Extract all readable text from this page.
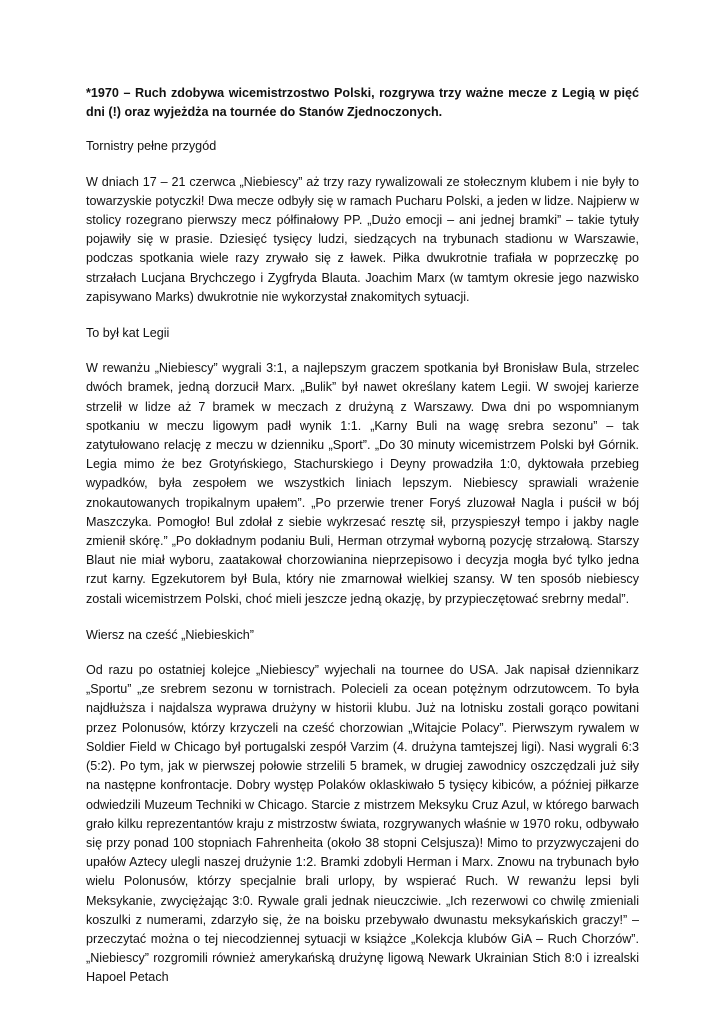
*1970 – Ruch zdobywa wicemistrzostwo Polski, rozgrywa trzy ważne mecze z Legią w pięć dni (!) oraz wyjeżdża na tournée do Stanów Zjednoczonych.

Tornistry pełne przygód

W dniach 17 – 21 czerwca „Niebiescy” aż trzy razy rywalizowali ze stołecznym klubem i nie były to towarzyskie potyczki! Dwa mecze odbyły się w ramach Pucharu Polski, a jeden w lidze. Najpierw w stolicy rozegrano pierwszy mecz półfinałowy PP. „Dużo emocji – ani jednej bramki” – takie tytuły pojawiły się w prasie. Dziesięć tysięcy ludzi, siedzących na trybunach stadionu w Warszawie, podczas spotkania wiele razy zrywało się z ławek. Piłka dwukrotnie trafiała w poprzeczkę po strzałach Lucjana Brychczego i Zygfryda Blauta. Joachim Marx (w tamtym okresie jego nazwisko zapisywano Marks) dwukrotnie nie wykorzystał znakomitych sytuacji.

To był kat Legii

W rewanżu „Niebiescy” wygrali 3:1, a najlepszym graczem spotkania był Bronisław Bula, strzelec dwóch bramek, jedną dorzucił Marx. „Bulik” był nawet określany katem Legii. W swojej karierze strzelił w lidze aż 7 bramek w meczach z drużyną z Warszawy. Dwa dni po wspomnianym spotkaniu w meczu ligowym padł wynik 1:1. „Karny Buli na wagę srebra sezonu” – tak zatytułowano relację z meczu w dzienniku „Sport”. „Do 30 minuty wicemistrzem Polski był Górnik. Legia mimo że bez Grotyńskiego, Stachurskiego i Deyny prowadziła 1:0, dyktowała przebieg wypadków, była zespołem we wszystkich liniach lepszym. Niebiescy sprawiali wrażenie znokautowanych tropikalnym upałem”. „Po przerwie trener Foryś zluzował Nagla i puścił w bój Maszczyka. Pomogło! Bul zdołał z siebie wykrzesać resztę sił, przyspieszył tempo i jakby nagle zmienił skórę.” „Po dokładnym podaniu Buli, Herman otrzymał wyborną pozycję strzałową. Starszy Blaut nie miał wyboru, zaatakował chorzowianina nieprzepisowo i decyzja mogła być tylko jedna rzut karny. Egzekutorem był Bula, który nie zmarnował wielkiej szansy. W ten sposób niebiescy zostali wicemistrzem Polski, choć mieli jeszcze jedną okazję, by przypieczętować srebrny medal”.

Wiersz na cześć „Niebieskich”

Od razu po ostatniej kolejce „Niebiescy” wyjechali na tournee do USA. Jak napisał dziennikarz „Sportu” „ze srebrem sezonu w tornistrach. Polecieli za ocean potężnym odrzutowcem. To była najdłuższa i najdalsza wyprawa drużyny w historii klubu. Już na lotnisku zostali gorąco powitani przez Polonusów, którzy krzyczeli na cześć chorzowian „Witajcie Polacy”. Pierwszym rywalem w Soldier Field w Chicago był portugalski zespół Varzim (4. drużyna tamtejszej ligi). Nasi wygrali 6:3 (5:2). Po tym, jak w pierwszej połowie strzelili 5 bramek, w drugiej zawodnicy oszczędzali już siły na następne konfrontacje. Dobry występ Polaków oklaskiwało 5 tysięcy kibiców, a później piłkarze odwiedzili Muzeum Techniki w Chicago. Starcie z mistrzem Meksyku Cruz Azul, w którego barwach grało kilku reprezentantów kraju z mistrzostw świata, rozgrywanych właśnie w 1970 roku, odbywało się przy ponad 100 stopniach Fahrenheita (około 38 stopni Celsjusza)! Mimo to przyzwyczajeni do upałów Aztecy ulegli naszej drużynie 1:2. Bramki zdobyli Herman i Marx. Znowu na trybunach było wielu Polonusów, którzy specjalnie brali urlopy, by wspierać Ruch. W rewanżu lepsi byli Meksykanie, zwyciężając 3:0. Rywale grali jednak nieuczciwie. „Ich rezerwowi co chwilę zmieniali koszulki z numerami, zdarzyło się, że na boisku przebywało dwunastu meksykańskich graczy!” – przeczytać można o tej niecodziennej sytuacji w książce „Kolekcja klubów GiA – Ruch Chorzów”. „Niebiescy” rozgromili również amerykańską drużynę ligową Newark Ukrainian Stich 8:0 i izrealski Hapoel Petach
